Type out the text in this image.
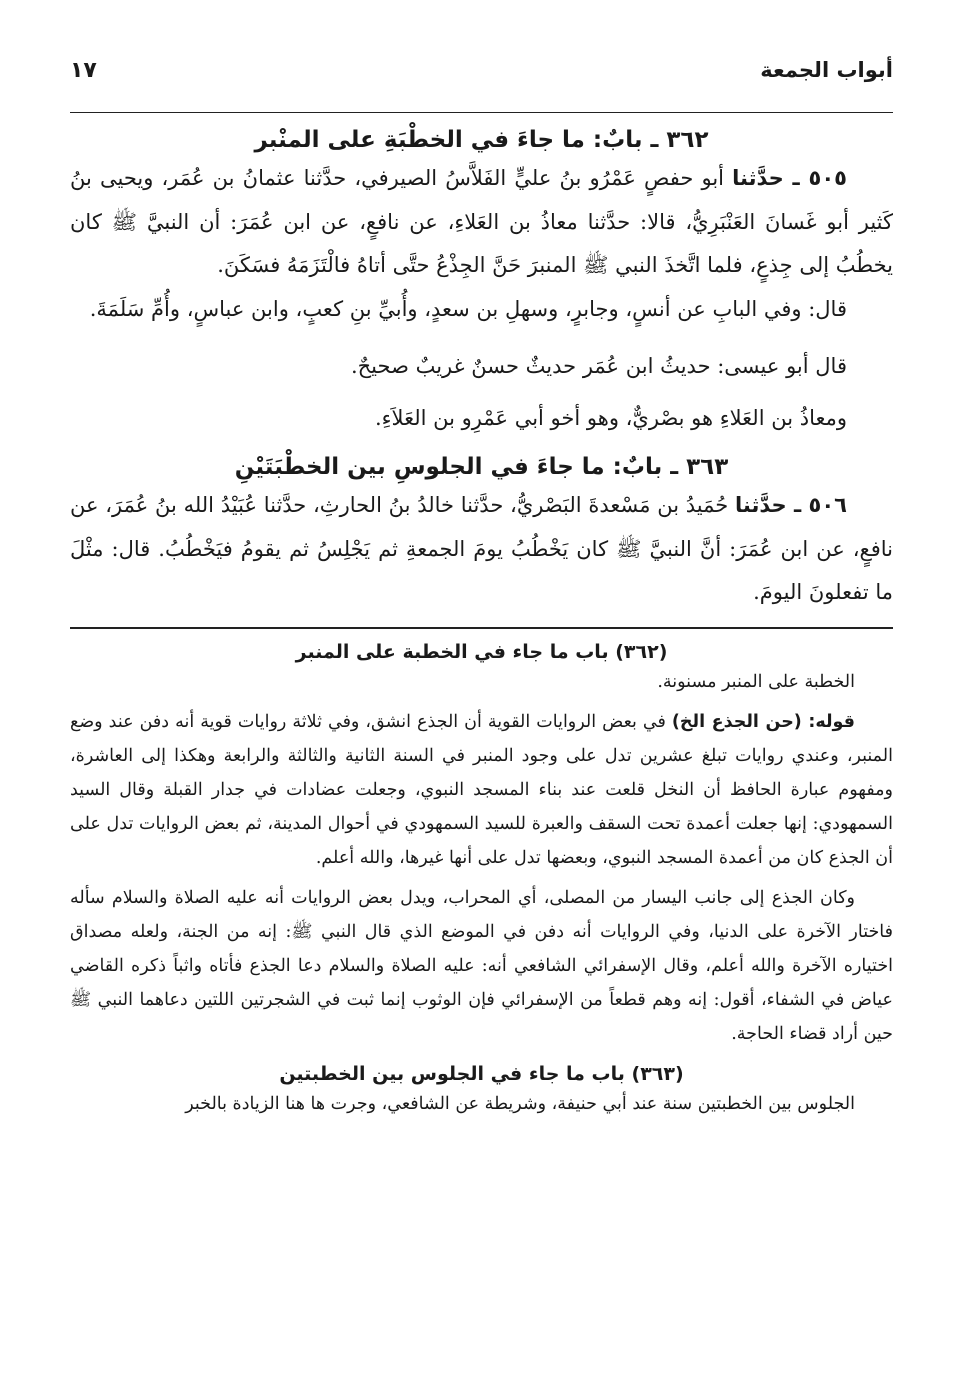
أبواب الجمعة
١٧
٣٦٢ ـ بابٌ: ما جاءَ في الخطْبَةِ على المنْبر

٥٠٥ ـ حدَّثنا أبو حفصٍ عَمْرُو بنُ عليٍّ الفَلاَّسُ الصيرفي، حدَّثنا عثمانُ بن عُمَر، ويحيى بنُ كَثير أبو غَسانَ العَنْبَرِيُّ، قالا: حدَّثنا معاذُ بن العَلاءِ، عن نافعٍ، عن ابن عُمَرَ: أن النبيَّ ﷺ كان يخطُبُ إلى جِذعٍ، فلما اتَّخذَ النبي ﷺ المنبرَ حَنَّ الجِذْعُ حتَّى أتاهُ فالْتَزَمَهُ فسَكَنَ.

قال: وفي البابِ عن أنسٍ، وجابرٍ، وسهلِ بن سعدٍ، وأُبيِّ بنِ كعبٍ، وابن عباسٍ، وأُمِّ سَلَمَةَ.

قال أبو عيسى: حديثُ ابن عُمَر حديثٌ حسنٌ غريبٌ صحيحٌ.

ومعاذُ بن العَلاءِ هو بصْريٌّ، وهو أخو أبي عَمْرِو بن العَلاَءِ.

٣٦٣ ـ بابٌ: ما جاءَ في الجلوسِ بين الخطْبَتَيْنِ

٥٠٦ ـ حدَّثنا حُمَيدُ بن مَسْعدةَ البَصْريُّ، حدَّثنا خالدُ بنُ الحارثِ، حدَّثنا عُبَيْدُ الله بنُ عُمَرَ، عن نافعٍ، عن ابن عُمَرَ: أنَّ النبيَّ ﷺ كان يَخْطُبُ يومَ الجمعةِ ثم يَجْلِسُ ثم يقومُ فيَخْطُبُ. قال: مثْلَ ما تفعلونَ اليومَ.

(٣٦٢) باب ما جاء في الخطبة على المنبر

الخطبة على المنبر مسنونة.

قوله: (حن الجذع الخ) في بعض الروايات القوية أن الجذع انشق، وفي ثلاثة روايات قوية أنه دفن عند وضع المنبر، وعندي روايات تبلغ عشرين تدل على وجود المنبر في السنة الثانية والثالثة والرابعة وهكذا إلى العاشرة، ومفهوم عبارة الحافظ أن النخل قلعت عند بناء المسجد النبوي، وجعلت عضادات في جدار القبلة وقال السيد السمهودي: إنها جعلت أعمدة تحت السقف والعبرة للسيد السمهودي في أحوال المدينة، ثم بعض الروايات تدل على أن الجذع كان من أعمدة المسجد النبوي، وبعضها تدل على أنها غيرها، والله أعلم.

وكان الجذع إلى جانب اليسار من المصلى، أي المحراب، ويدل بعض الروايات أنه عليه الصلاة والسلام سأله فاختار الآخرة على الدنيا، وفي الروايات أنه دفن في الموضع الذي قال النبي ﷺ: إنه من الجنة، ولعله مصداق اختياره الآخرة والله أعلم، وقال الإسفرائي الشافعي أنه: عليه الصلاة والسلام دعا الجذع فأتاه واثباً ذكره القاضي عياض في الشفاء، أقول: إنه وهم قطعاً من الإسفرائي فإن الوثوب إنما ثبت في الشجرتين اللتين دعاهما النبي ﷺ حين أراد قضاء الحاجة.

(٣٦٣) باب ما جاء في الجلوس بين الخطبتين

الجلوس بين الخطبتين سنة عند أبي حنيفة، وشريطة عن الشافعي، وجرت ها هنا الزيادة بالخبر
